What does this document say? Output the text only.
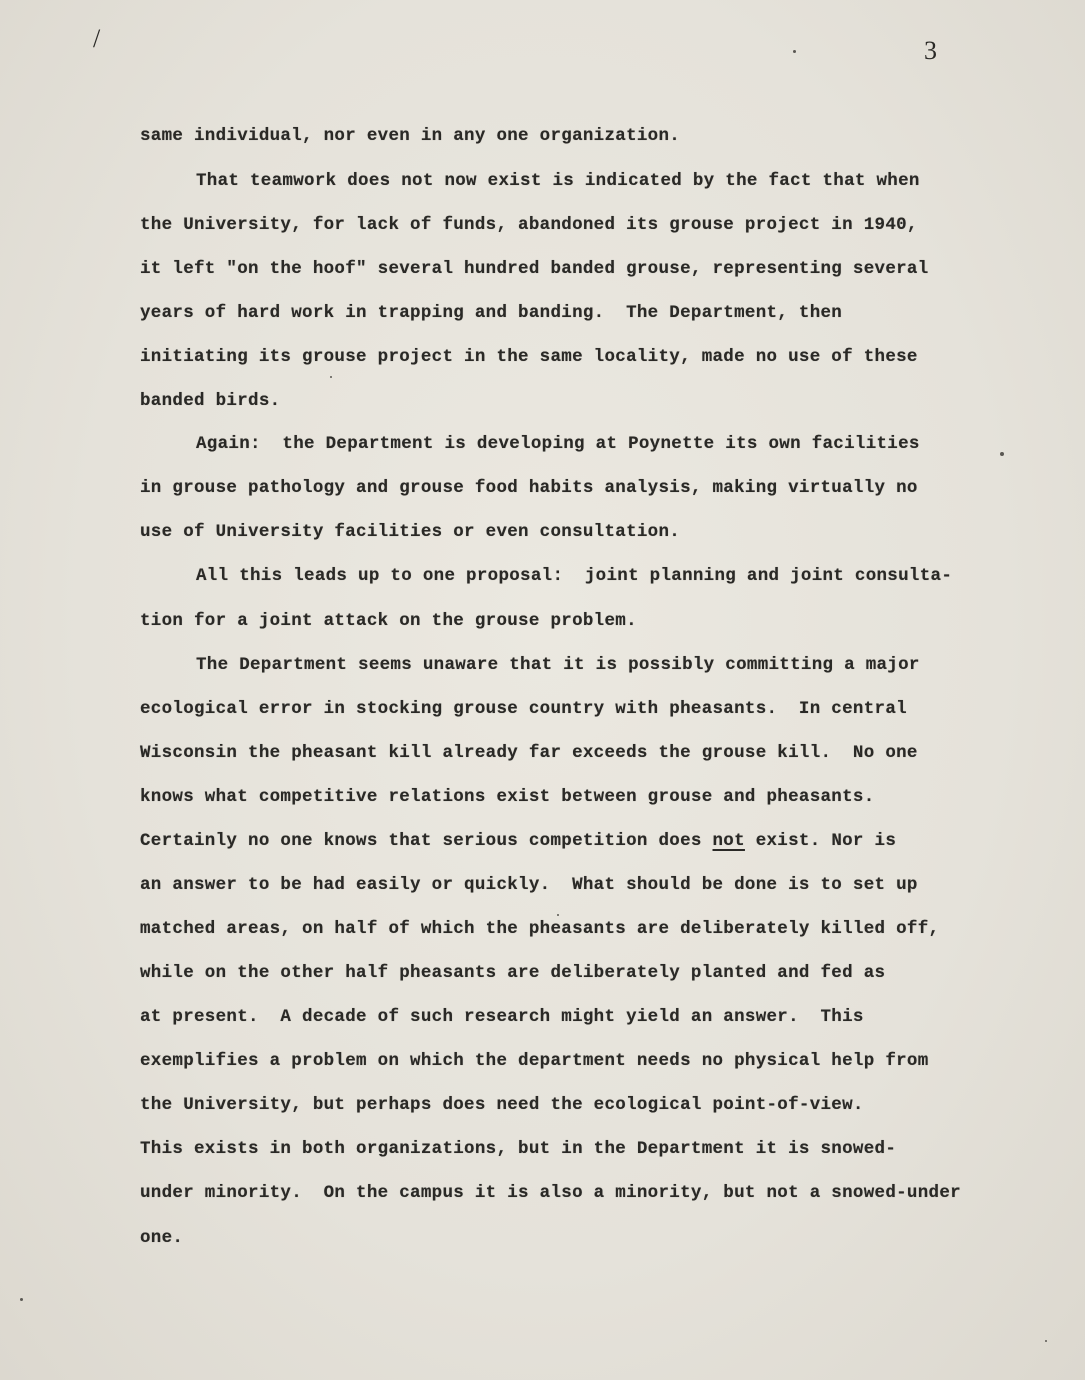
/	3
same individual, nor even in any one organization.
That teamwork does not now exist is indicated by the fact that when
the University, for lack of funds, abandoned its grouse project in 1940,
it left "on the hoof" several hundred banded grouse, representing several
years of hard work in trapping and banding.  The Department, then
initiating its grouse project in the same locality, made no use of these
banded birds.
Again:  the Department is developing at Poynette its own facilities
in grouse pathology and grouse food habits analysis, making virtually no
use of University facilities or even consultation.
All this leads up to one proposal:  joint planning and joint consulta-
tion for a joint attack on the grouse problem.
The Department seems unaware that it is possibly committing a major
ecological error in stocking grouse country with pheasants.  In central
Wisconsin the pheasant kill already far exceeds the grouse kill.  No one
knows what competitive relations exist between grouse and pheasants.
Certainly no one knows that serious competition does not exist. Nor is
an answer to be had easily or quickly.  What should be done is to set up
matched areas, on half of which the pheasants are deliberately killed off,
while on the other half pheasants are deliberately planted and fed as
at present.  A decade of such research might yield an answer.  This
exemplifies a problem on which the department needs no physical help from
the University, but perhaps does need the ecological point-of-view.
This exists in both organizations, but in the Department it is snowed-
under minority.  On the campus it is also a minority, but not a snowed-under
one.
